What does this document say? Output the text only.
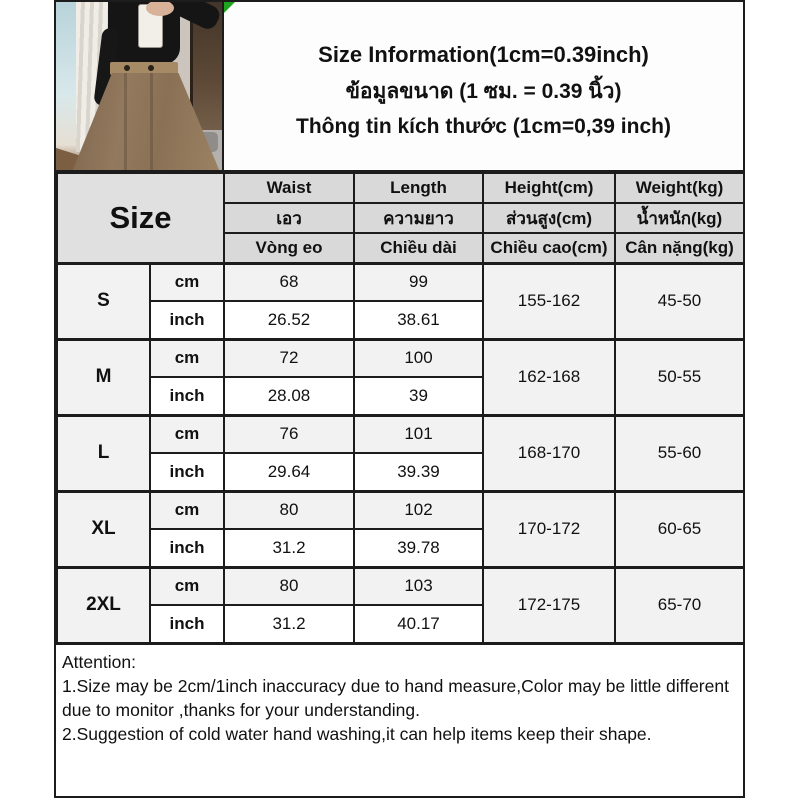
Size Information(1cm=0.39inch)
ข้อมูลขนาด (1 ซม. = 0.39 นิ้ว)
Thông tin kích thước (1cm=0,39 inch)
Size		Waist	Length	Height(cm)	Weight(kg)
		เอว	ความยาว	ส่วนสูง(cm)	น้ำหนัก(kg)
		Vòng eo	Chiều dài	Chiều cao(cm)	Cân nặng(kg)
S	cm	68	99	155-162	45-50
	inch	26.52	38.61		
M	cm	72	100	162-168	50-55
	inch	28.08	39		
L	cm	76	101	168-170	55-60
	inch	29.64	39.39		
XL	cm	80	102	170-172	60-65
	inch	31.2	39.78		
2XL	cm	80	103	172-175	65-70
	inch	31.2	40.17		
Attention:
1.Size may be 2cm/1inch inaccuracy due to hand measure,Color may be little different due to monitor ,thanks for your understanding.
2.Suggestion of cold water hand washing,it can help items keep their shape.
